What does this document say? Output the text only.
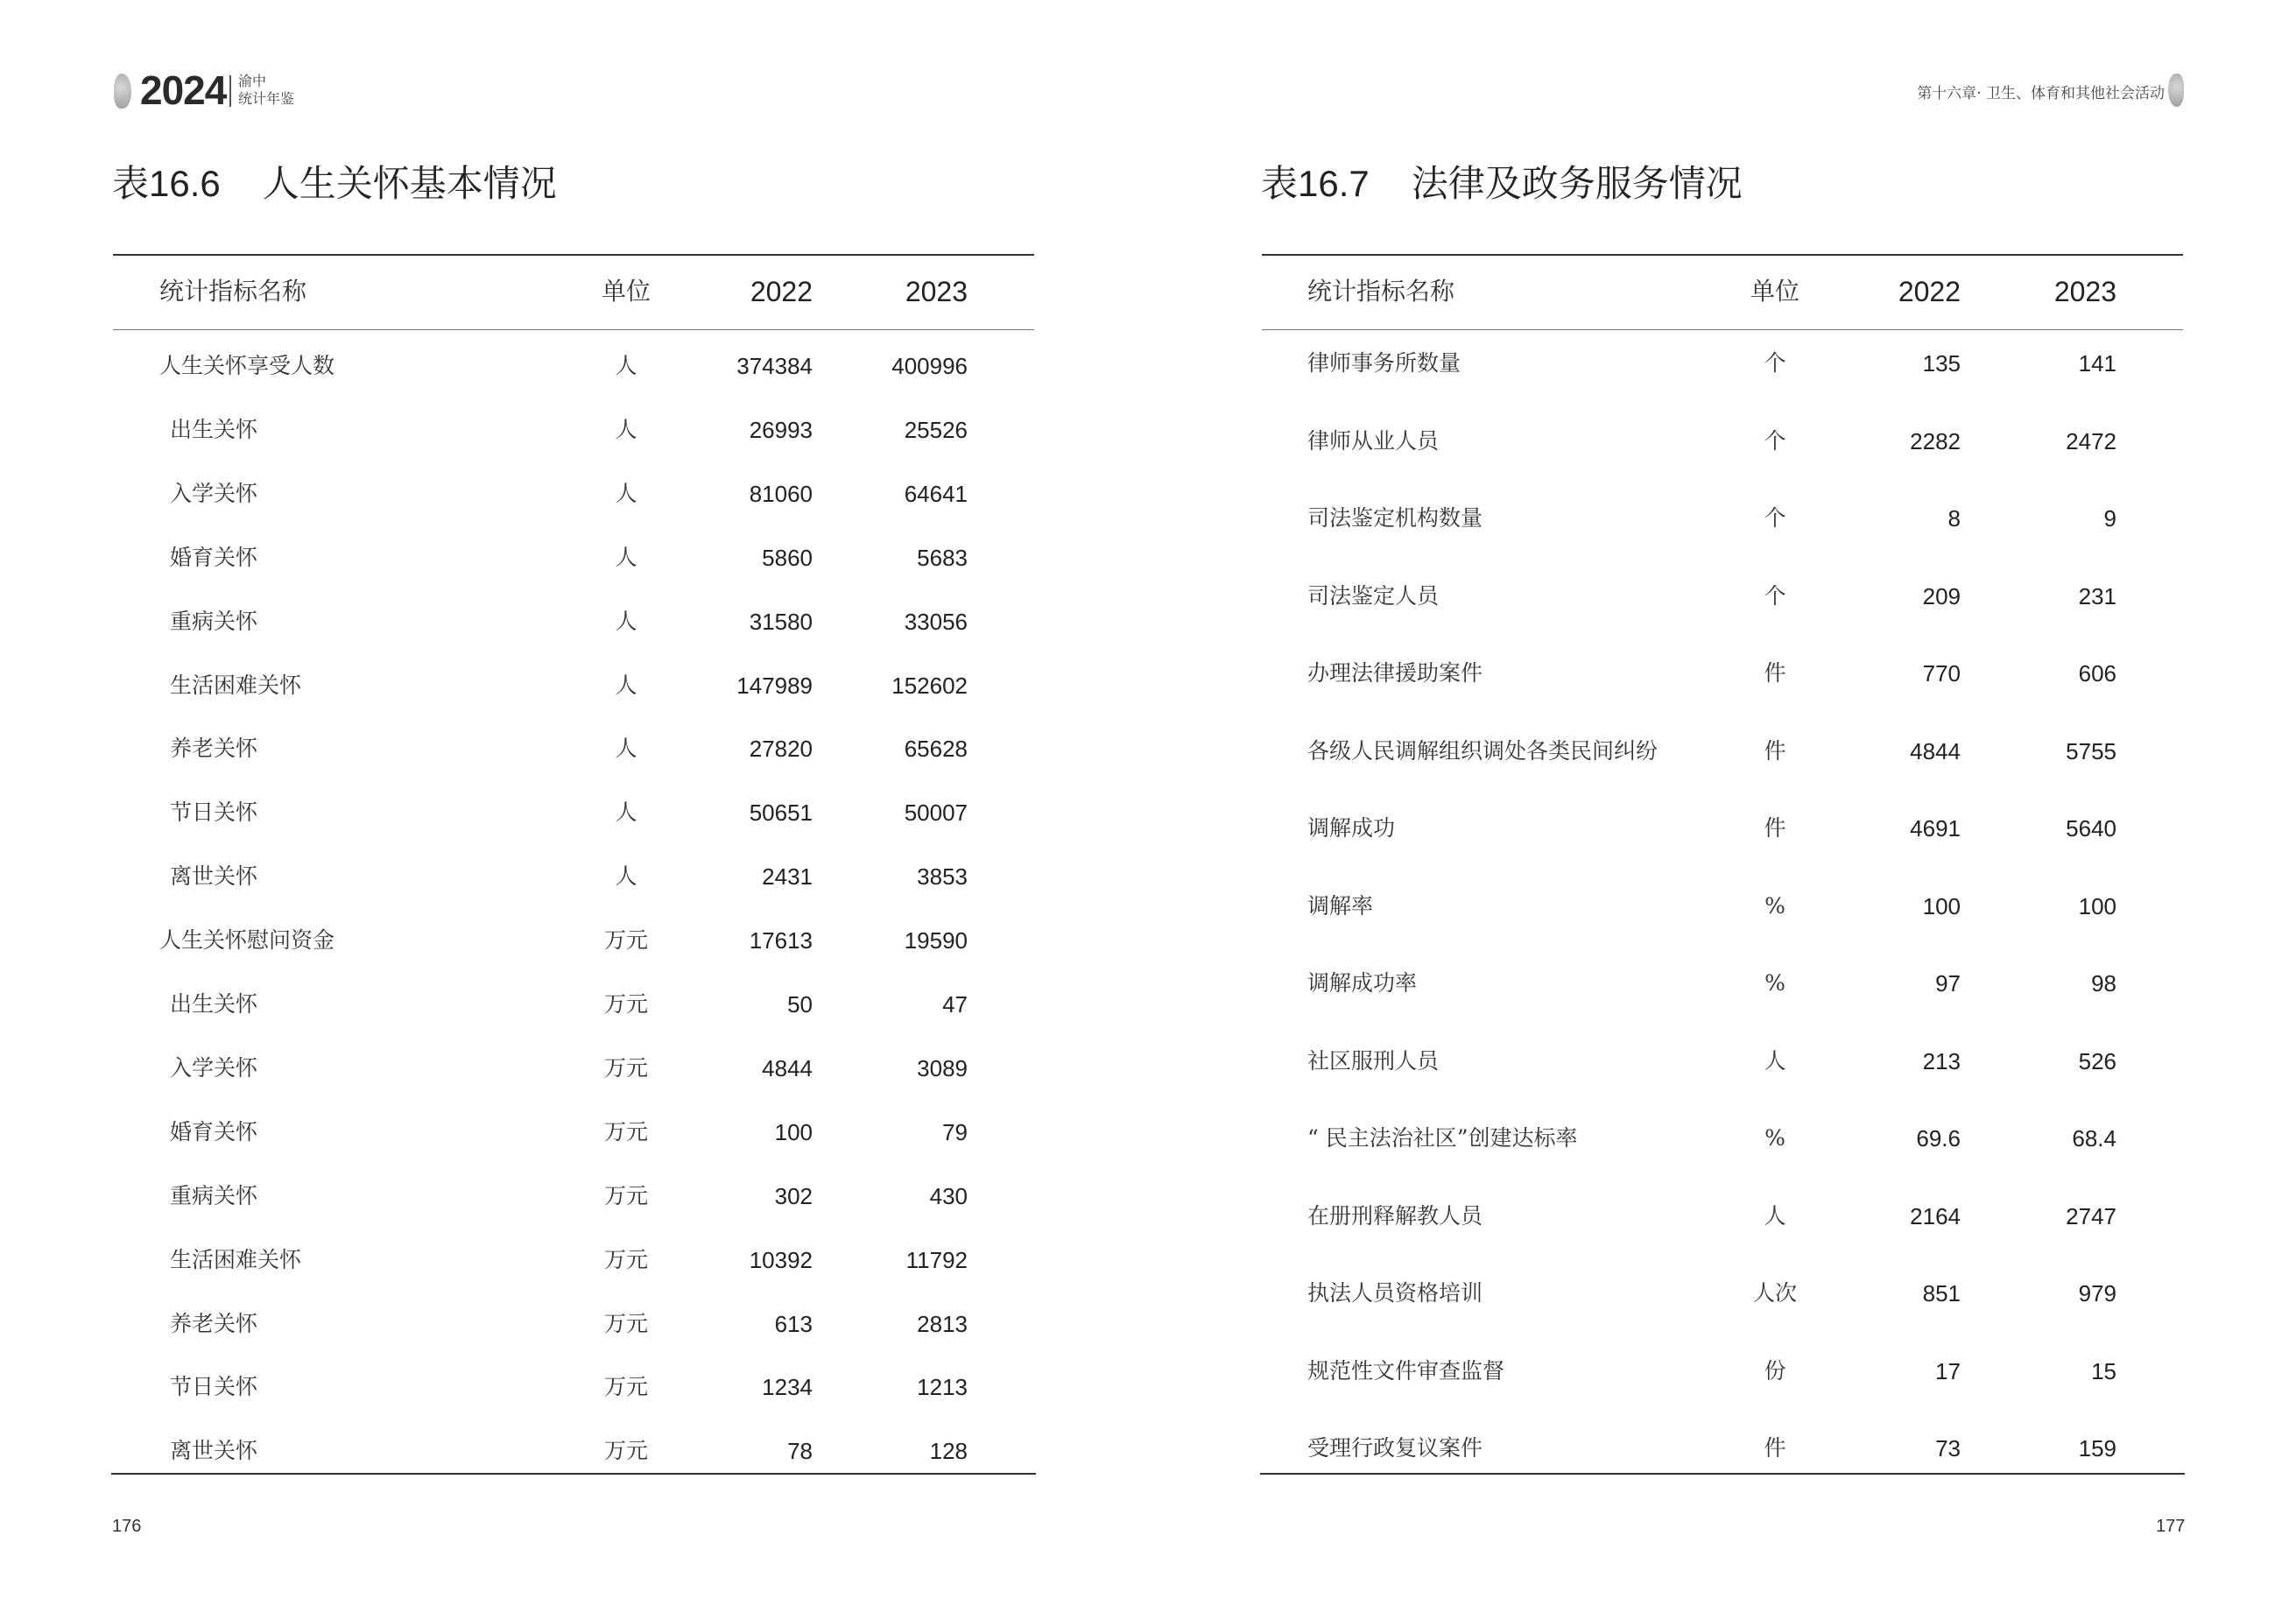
2024 渝中
统计年鉴	第十六章· 卫生、体育和其他社会活动
表16.6 人生关怀基本情况	表16.7 法律及政务服务情况
统计指标名称	单位	2022	2023
人生关怀享受人数	人	374384	400996
出生关怀	人	26993	25526
入学关怀	人	81060	64641
婚育关怀	人	5860	5683
重病关怀	人	31580	33056
生活困难关怀	人	147989	152602
养老关怀	人	27820	65628
节日关怀	人	50651	50007
离世关怀	人	2431	3853
人生关怀慰问资金	万元	17613	19590
出生关怀	万元	50	47
入学关怀	万元	4844	3089
婚育关怀	万元	100	79
重病关怀	万元	302	430
生活困难关怀	万元	10392	11792
养老关怀	万元	613	2813
节日关怀	万元	1234	1213
离世关怀	万元	78	128
统计指标名称	单位	2022	2023
律师事务所数量	个	135	141
律师从业人员	个	2282	2472
司法鉴定机构数量	个	8	9
司法鉴定人员	个	209	231
办理法律援助案件	件	770	606
各级人民调解组织调处各类民间纠纷	件	4844	5755
调解成功	件	4691	5640
调解率	%	100	100
调解成功率	%	97	98
社区服刑人员	人	213	526
“ 民主法治社区”创建达标率	%	69.6	68.4
在册刑释解教人员	人	2164	2747
执法人员资格培训	人次	851	979
规范性文件审查监督	份	17	15
受理行政复议案件	件	73	159
176	177
